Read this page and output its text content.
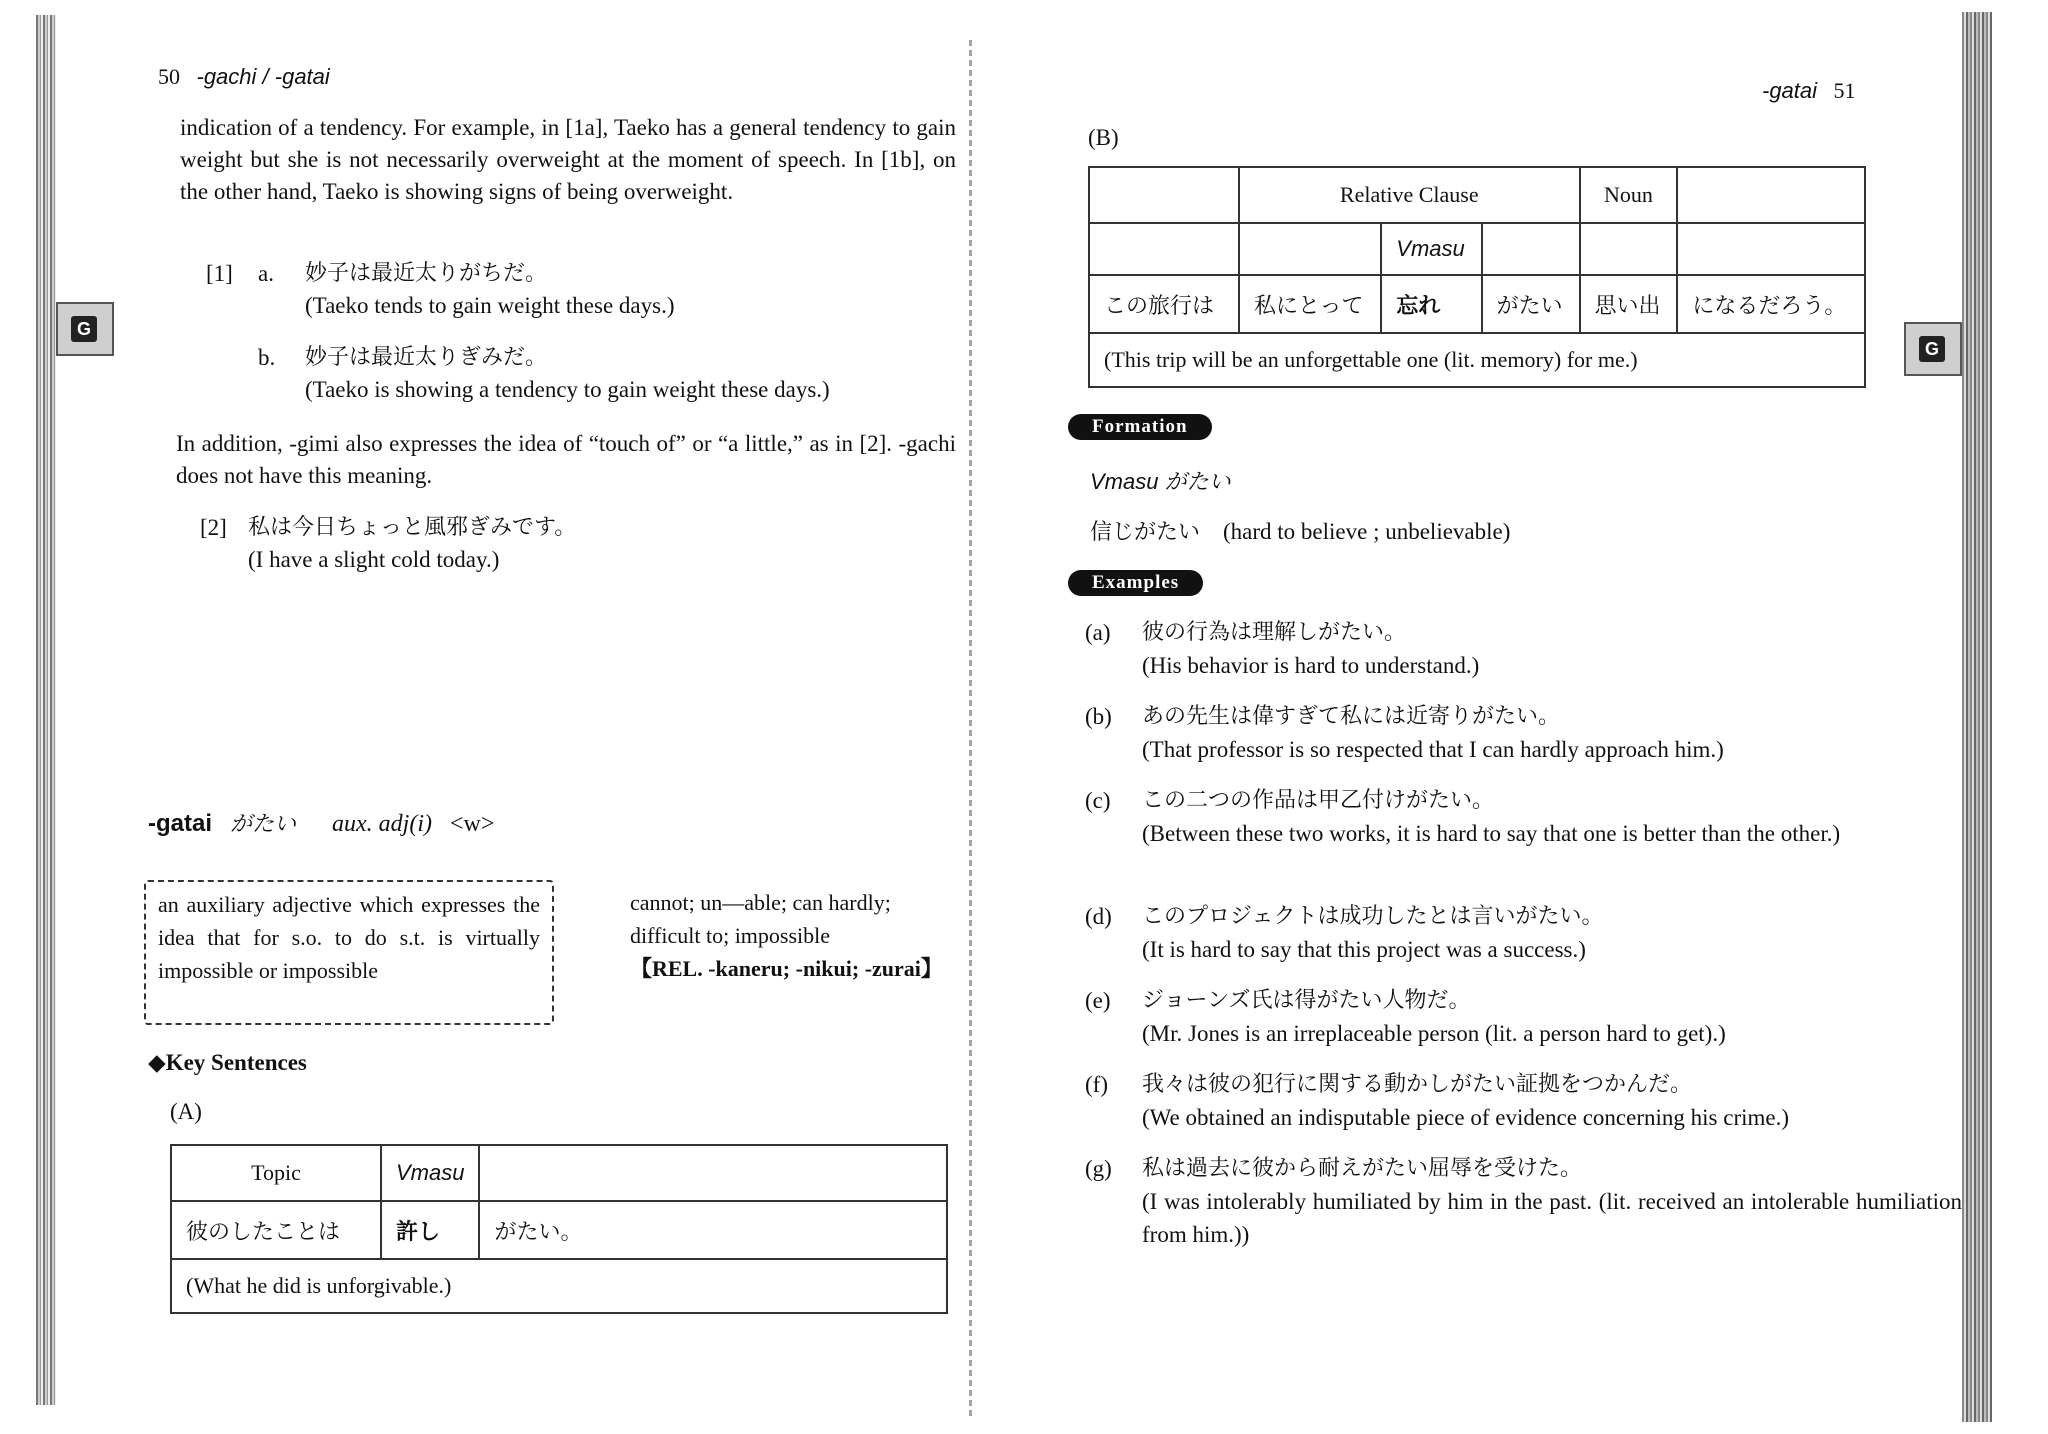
G
50 -gachi / -gatai

indication of a tendency. For example, in [1a], Taeko has a general tendency to gain weight but she is not necessarily overweight at the moment of speech. In [1b], on the other hand, Taeko is showing signs of being overweight.

[1] a. 妙子は最近太りがちだ。
(Taeko tends to gain weight these days.)
b. 妙子は最近太りぎみだ。
(Taeko is showing a tendency to gain weight these days.)

In addition, -gimi also expresses the idea of “touch of” or “a little,” as in [2]. -gachi does not have this meaning.

[2] 私は今日ちょっと風邪ぎみです。
(I have a slight cold today.)
-gatai がたい aux. adj(i) <w>
an auxiliary adjective which expresses the idea that for s.o. to do s.t. is virtually impossible or impossible
cannot; un—able; can hardly; difficult to; impossible
【REL. -kaneru; -nikui; -zurai】
◆Key Sentences
(A)
Topic	Vmasu	
彼のしたことは	許し	がたい。
(What he did is unforgivable.)		
-gatai 51
G
(B)
	Relative Clause			Noun	
		Vmasu			
この旅行は	私にとって	忘れ	がたい	思い出	になるだろう。
(This trip will be an unforgettable one (lit. memory) for me.)					
Formation
Vmasu がたい
信じがたい (hard to believe ; unbelievable)
Examples
(a) 彼の行為は理解しがたい。
(His behavior is hard to understand.)
(b) あの先生は偉すぎて私には近寄りがたい。
(That professor is so respected that I can hardly approach him.)
(c) この二つの作品は甲乙付けがたい。
(Between these two works, it is hard to say that one is better than the other.)
(d) このプロジェクトは成功したとは言いがたい。
(It is hard to say that this project was a success.)
(e) ジョーンズ氏は得がたい人物だ。
(Mr. Jones is an irreplaceable person (lit. a person hard to get).)
(f) 我々は彼の犯行に関する動かしがたい証拠をつかんだ。
(We obtained an indisputable piece of evidence concerning his crime.)
(g) 私は過去に彼から耐えがたい屈辱を受けた。
(I was intolerably humiliated by him in the past. (lit. received an intolerable humiliation from him.))
